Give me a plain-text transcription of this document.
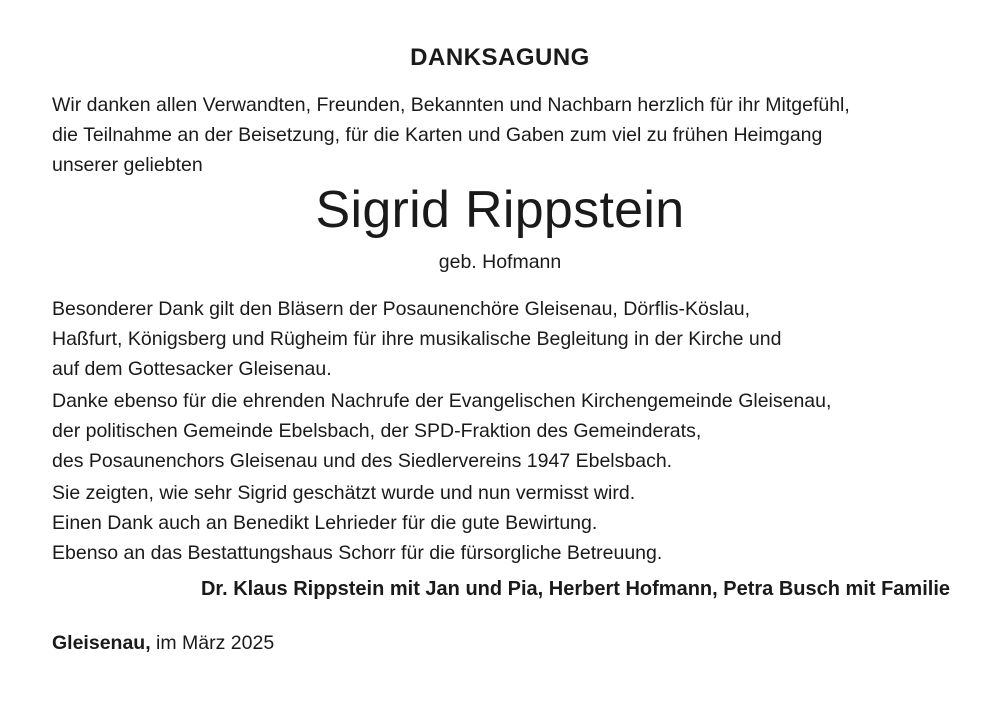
DANKSAGUNG
Wir danken allen Verwandten, Freunden, Bekannten und Nachbarn herzlich für ihr Mitgefühl,
die Teilnahme an der Beisetzung, für die Karten und Gaben zum viel zu frühen Heimgang
unserer geliebten
Sigrid Rippstein
geb. Hofmann
Besonderer Dank gilt den Bläsern der Posaunenchöre Gleisenau, Dörflis-Köslau,
Haßfurt, Königsberg und Rügheim für ihre musikalische Begleitung in der Kirche und
auf dem Gottesacker Gleisenau.
Danke ebenso für die ehrenden Nachrufe der Evangelischen Kirchengemeinde Gleisenau,
der politischen Gemeinde Ebelsbach, der SPD-Fraktion des Gemeinderats,
des Posaunenchors Gleisenau und des Siedlervereins 1947 Ebelsbach.
Sie zeigten, wie sehr Sigrid geschätzt wurde und nun vermisst wird.
Einen Dank auch an Benedikt Lehrieder für die gute Bewirtung.
Ebenso an das Bestattungshaus Schorr für die fürsorgliche Betreuung.
Dr. Klaus Rippstein mit Jan und Pia, Herbert Hofmann, Petra Busch mit Familie
Gleisenau, im März 2025
